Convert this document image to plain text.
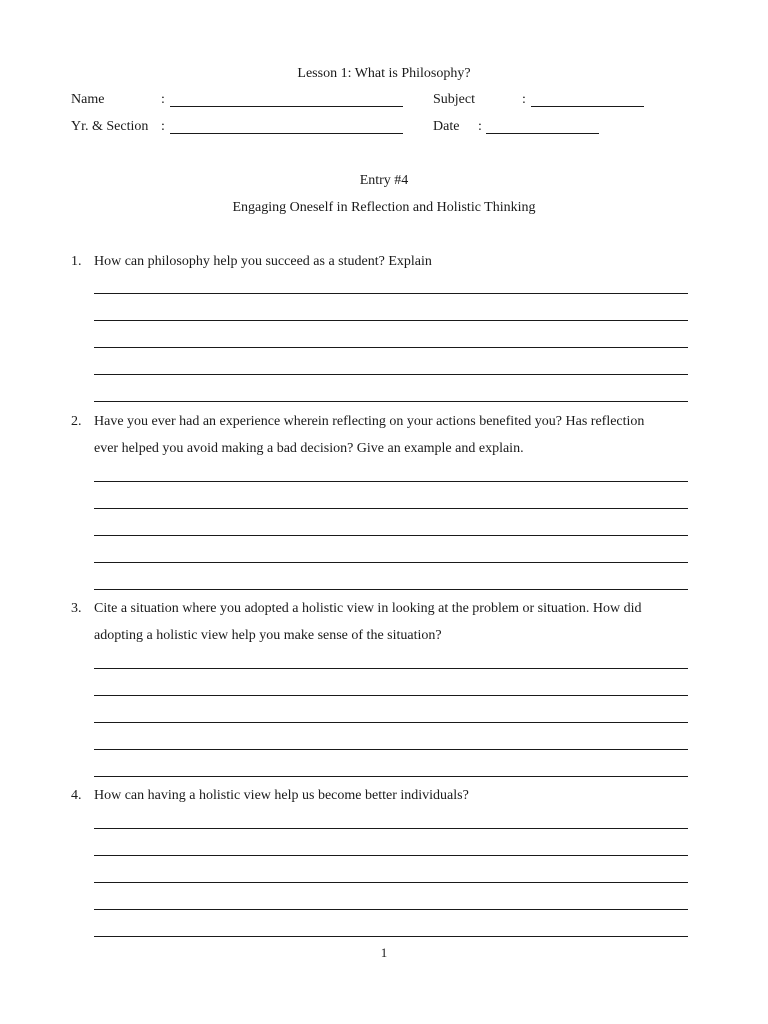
Lesson 1: What is Philosophy?
Name	:	Subject	:
Yr. & Section :	Date :
Entry #4
Engaging Oneself in Reflection and Holistic Thinking
1. How can philosophy help you succeed as a student? Explain
2. Have you ever had an experience wherein reflecting on your actions benefited you? Has reflection
ever helped you avoid making a bad decision? Give an example and explain.
3. Cite a situation where you adopted a holistic view in looking at the problem or situation. How did
adopting a holistic view help you make sense of the situation?
4. How can having a holistic view help us become better individuals?
1
